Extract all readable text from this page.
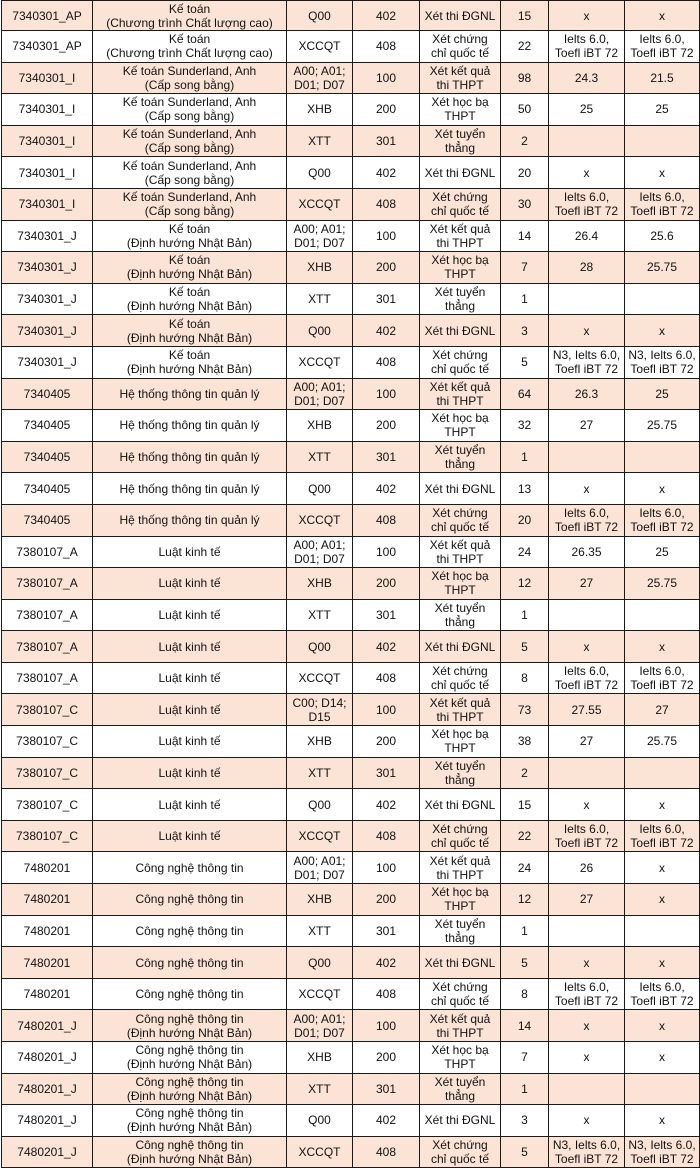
7340301_AP	Kế toán
(Chương trình Chất lượng cao)	Q00	402	Xét thi ĐGNL	15	x	x
7340301_AP	Kế toán
(Chương trình Chất lượng cao)	XCCQT	408	Xét chứng
chỉ quốc tế	22	Ielts 6.0,
Toefl iBT 72	Ielts 6.0,
Toefl iBT 72
7340301_I	Kế toán Sunderland, Anh
(Cấp song bằng)	A00; A01;
D01; D07	100	Xét kết quả
thi THPT	98	24.3	21.5
7340301_I	Kế toán Sunderland, Anh
(Cấp song bằng)	XHB	200	Xét học bạ
THPT	50	25	25
7340301_I	Kế toán Sunderland, Anh
(Cấp song bằng)	XTT	301	Xét tuyển
thẳng	2		
7340301_I	Kế toán Sunderland, Anh
(Cấp song bằng)	Q00	402	Xét thi ĐGNL	20	x	x
7340301_I	Kế toán Sunderland, Anh
(Cấp song bằng)	XCCQT	408	Xét chứng
chỉ quốc tế	30	Ielts 6.0,
Toefl iBT 72	Ielts 6.0,
Toefl iBT 72
7340301_J	Kế toán
(Định hướng Nhật Bản)	A00; A01;
D01; D07	100	Xét kết quả
thi THPT	14	26.4	25.6
7340301_J	Kế toán
(Định hướng Nhật Bản)	XHB	200	Xét học bạ
THPT	7	28	25.75
7340301_J	Kế toán
(Định hướng Nhật Bản)	XTT	301	Xét tuyển
thẳng	1		
7340301_J	Kế toán
(Định hướng Nhật Bản)	Q00	402	Xét thi ĐGNL	3	x	x
7340301_J	Kế toán
(Định hướng Nhật Bản)	XCCQT	408	Xét chứng
chỉ quốc tế	5	N3, Ielts 6.0,
Toefl iBT 72	N3, Ielts 6.0,
Toefl iBT 72
7340405	Hệ thống thông tin quản lý	A00; A01;
D01; D07	100	Xét kết quả
thi THPT	64	26.3	25
7340405	Hệ thống thông tin quản lý	XHB	200	Xét học bạ
THPT	32	27	25.75
7340405	Hệ thống thông tin quản lý	XTT	301	Xét tuyển
thẳng	1		
7340405	Hệ thống thông tin quản lý	Q00	402	Xét thi ĐGNL	13	x	x
7340405	Hệ thống thông tin quản lý	XCCQT	408	Xét chứng
chỉ quốc tế	20	Ielts 6.0,
Toefl iBT 72	Ielts 6.0,
Toefl iBT 72
7380107_A	Luật kinh tế	A00; A01;
D01; D07	100	Xét kết quả
thi THPT	24	26.35	25
7380107_A	Luật kinh tế	XHB	200	Xét học bạ
THPT	12	27	25.75
7380107_A	Luật kinh tế	XTT	301	Xét tuyển
thẳng	1		
7380107_A	Luật kinh tế	Q00	402	Xét thi ĐGNL	5	x	x
7380107_A	Luật kinh tế	XCCQT	408	Xét chứng
chỉ quốc tế	8	Ielts 6.0,
Toefl iBT 72	Ielts 6.0,
Toefl iBT 72
7380107_C	Luật kinh tế	C00; D14;
D15	100	Xét kết quả
thi THPT	73	27.55	27
7380107_C	Luật kinh tế	XHB	200	Xét học bạ
THPT	38	27	25.75
7380107_C	Luật kinh tế	XTT	301	Xét tuyển
thẳng	2		
7380107_C	Luật kinh tế	Q00	402	Xét thi ĐGNL	15	x	x
7380107_C	Luật kinh tế	XCCQT	408	Xét chứng
chỉ quốc tế	22	Ielts 6.0,
Toefl iBT 72	Ielts 6.0,
Toefl iBT 72
7480201	Công nghệ thông tin	A00; A01;
D01; D07	100	Xét kết quả
thi THPT	24	26	x
7480201	Công nghệ thông tin	XHB	200	Xét học bạ
THPT	12	27	x
7480201	Công nghệ thông tin	XTT	301	Xét tuyển
thẳng	1		
7480201	Công nghệ thông tin	Q00	402	Xét thi ĐGNL	5	x	x
7480201	Công nghệ thông tin	XCCQT	408	Xét chứng
chỉ quốc tế	8	Ielts 6.0,
Toefl iBT 72	Ielts 6.0,
Toefl iBT 72
7480201_J	Công nghệ thông tin
(Định hướng Nhật Bản)	A00; A01;
D01; D07	100	Xét kết quả
thi THPT	14	x	x
7480201_J	Công nghệ thông tin
(Định hướng Nhật Bản)	XHB	200	Xét học bạ
THPT	7	x	x
7480201_J	Công nghệ thông tin
(Định hướng Nhật Bản)	XTT	301	Xét tuyển
thẳng	1		
7480201_J	Công nghệ thông tin
(Định hướng Nhật Bản)	Q00	402	Xét thi ĐGNL	3	x	x
7480201_J	Công nghệ thông tin
(Định hướng Nhật Bản)	XCCQT	408	Xét chứng
chỉ quốc tế	5	N3, Ielts 6.0,
Toefl iBT 72	N3, Ielts 6.0,
Toefl iBT 72
